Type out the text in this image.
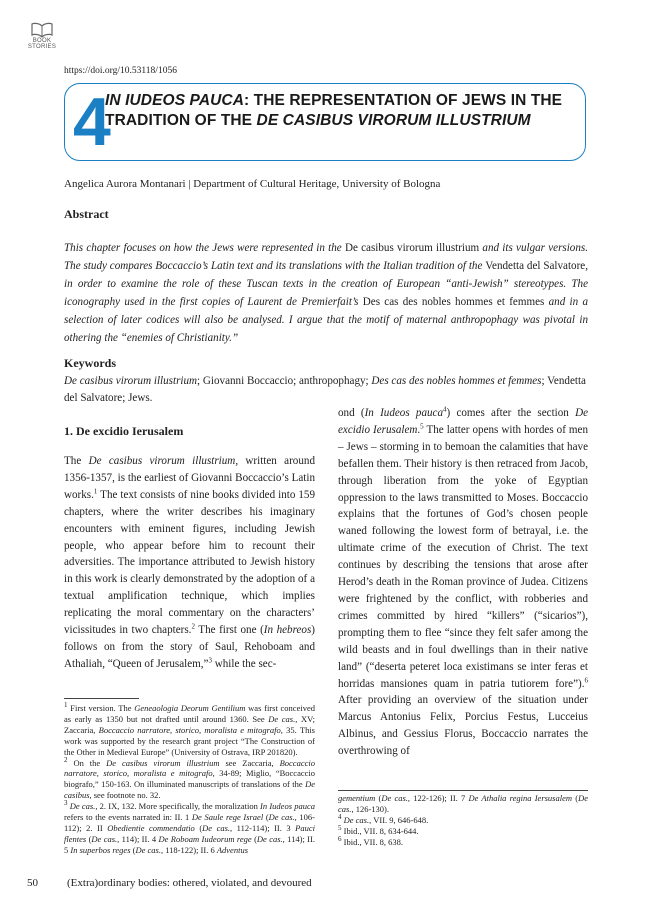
BOOK
STORIES
https://doi.org/10.53118/1056
4
IN IUDEOS PAUCA: THE REPRESENTATION OF JEWS IN THE TRADITION OF THE DE CASIBUS VIRORUM ILLUSTRIUM
Angelica Aurora Montanari | Department of Cultural Heritage, University of Bologna
Abstract
This chapter focuses on how the Jews were represented in the De casibus virorum illustrium and its vulgar versions. The study compares Boccaccio’s Latin text and its translations with the Italian tradition of the Vendetta del Salvatore, in order to examine the role of these Tuscan texts in the creation of European “anti-Jewish” stereotypes. The iconography used in the first copies of Laurent de Premierfait’s Des cas des nobles hommes et femmes and in a selection of later codices will also be analysed. I argue that the motif of maternal anthropophagy was pivotal in othering the “enemies of Christianity.”
Keywords
De casibus virorum illustrium; Giovanni Boccaccio; anthropophagy; Des cas des nobles hommes et femmes; Vendetta del Salvatore; Jews.
1. De excidio Ierusalem
The De casibus virorum illustrium, written around 1356-1357, is the earliest of Giovanni Boccaccio’s Latin works.$^1$ The text consists of nine books divided into 159 chapters, where the writer describes his imaginary encounters with eminent figures, including Jewish people, who appear before him to recount their adversities. The importance attributed to Jewish history in this work is clearly demonstrated by the adoption of a textual amplification technique, which implies replicating the moral commentary on the characters’ vicissitudes in two chapters.$^2$ The first one (In hebreos) follows on from the story of Saul, Rehoboam and Athaliah, “Queen of Jerusalem,”$^3$ while the sec-
ond (In Iudeos pauca$^4$) comes after the section De excidio Ierusalem.$^5$ The latter opens with hordes of men – Jews – storming in to bemoan the calamities that have befallen them. Their history is then retraced from Jacob, through liberation from the yoke of Egyptian oppression to the laws transmitted to Moses. Boccaccio explains that the fortunes of God’s chosen people waned following the lowest form of betrayal, i.e. the ultimate crime of the execution of Christ. The text continues by describing the tensions that arose after Herod’s death in the Roman province of Judea. Citizens were frightened by the conflict, with robberies and crimes committed by hired “killers” (“sicarios”), prompting them to flee “since they felt safer among the wild beasts and in foul dwellings than in their native land” (“deserta peteret loca existimans se inter feras et horridas mansiones quam in patria tutiorem fore”).$^6$ After providing an overview of the situation under Marcus Antonius Felix, Porcius Festus, Lucceius Albinus, and Gessius Florus, Boccaccio narrates the overthrowing of

$^1$ First version. The Geneaologia Deorum Gentilium was first conceived as early as 1350 but not drafted until around 1360. See De cas., XV; Zaccaria, Boccaccio narratore, storico, moralista e mitografo, 35. This work was supported by the research grant project “The Construction of the Other in Medieval Europe” (University of Ostrava, IRP 201820).

$^2$ On the De casibus virorum illustrium see Zaccaria, Boccaccio narratore, storico, moralista e mitografo, 34-89; Miglio, “Boccaccio biografo,” 150-163. On illuminated manuscripts of translations of the De casibus, see footnote no. 32.

$^3$ De cas., 2. IX, 132. More specifically, the moralization In Iudeos pauca refers to the events narrated in: II. 1 De Saule rege Israel (De cas., 106-112); 2. II Obedientie commendatio (De cas., 112-114); II. 3 Pauci flentes (De cas., 114); II. 4 De Roboam Iudeorum rege (De cas., 114); II. 5 In superbos reges (De cas., 118-122); II. 6 Adventus

gementium (De cas., 122-126); II. 7 De Athalia regina Iersusalem (De cas., 126-130).

$^4$ De cas., VII. 9, 646-648.

$^5$ Ibid., VII. 8, 634-644.

$^6$ Ibid., VII. 8, 638.

50	(Extra)ordinary bodies: othered, violated, and devoured
